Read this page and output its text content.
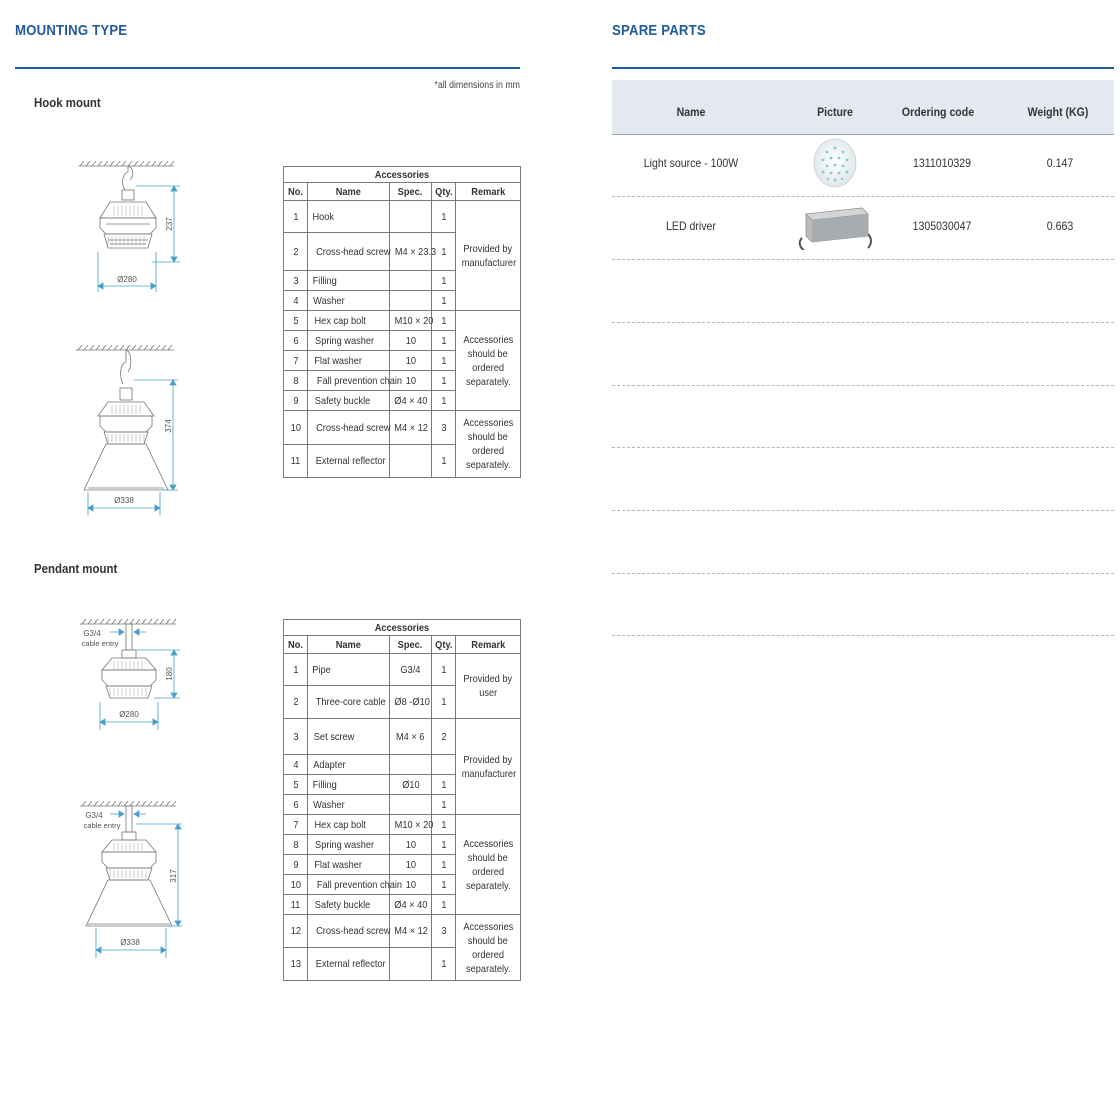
MOUNTING TYPE
*all dimensions in mm
Hook mount
Pendant mount
237
Ø280
374
Ø338
G3/4
cable entry
180
Ø280
G3/4
cable entry
317
Ø338
Accessories				
No.	Name	Spec.	Qty.	Remark
1	Hook		1	Provided by
manufacturer
2	Cross-head screw	M4 × 23.3	1	
3	Filling		1	
4	Washer		1	
5	Hex cap bolt	M10 × 20	1	Accessories
should be
ordered
separately.
6	Spring washer	10	1	
7	Flat washer	10	1	
8	Fall prevention chain	10	1	
9	Safety buckle	Ø4 × 40	1	
10	Cross-head screw	M4 × 12	3	Accessories
should be
ordered
separately.
11	External reflector		1	
Accessories				
No.	Name	Spec.	Qty.	Remark
1	Pipe	G3/4	1	Provided by
user
2	Three-core cable	Ø8 -Ø10	1	
3	Set screw	M4 × 6	2	Provided by
manufacturer
4	Adapter			
5	Filling	Ø10	1	
6	Washer		1	
7	Hex cap bolt	M10 × 20	1	Accessories
should be
ordered
separately.
8	Spring washer	10	1	
9	Flat washer	10	1	
10	Fall prevention chain	10	1	
11	Safety buckle	Ø4 × 40	1	
12	Cross-head screw	M4 × 12	3	Accessories
should be
ordered
separately.
13	External reflector		1	
SPARE PARTS
Name	Picture	Ordering code	Weight (KG)
Light source - 100W	1311010329	0.147
LED driver	1305030047	0.663
